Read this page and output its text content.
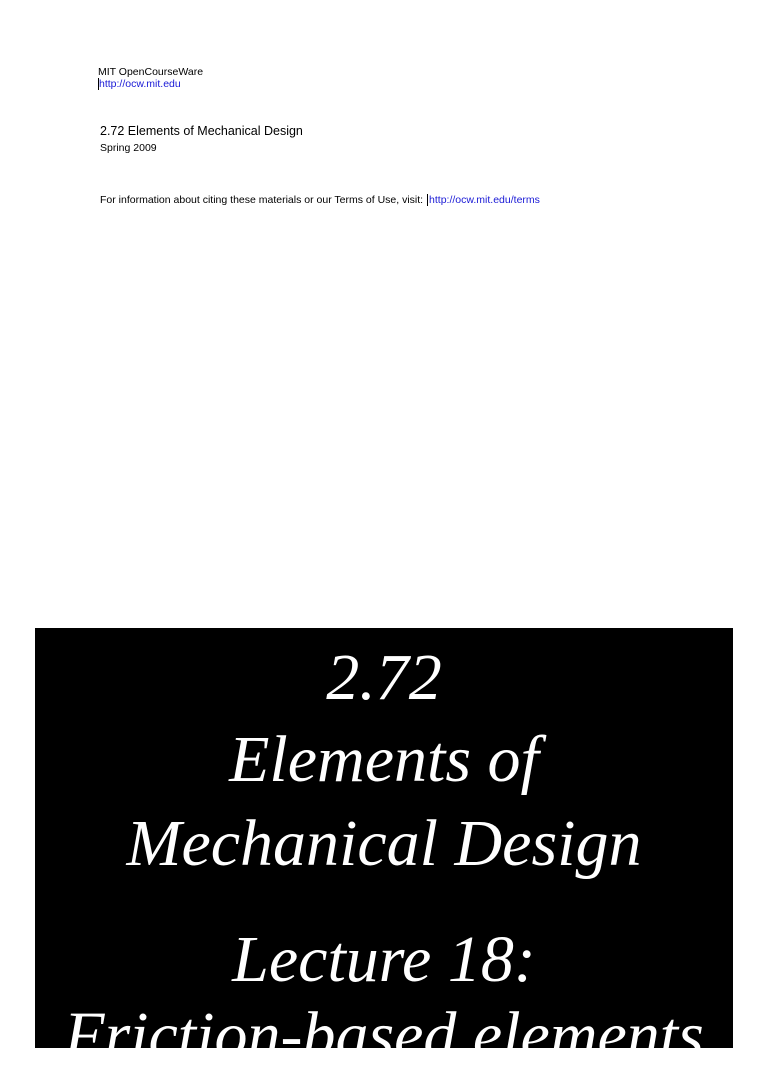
MIT OpenCourseWare
http://ocw.mit.edu
2.72 Elements of Mechanical Design
Spring 2009
For information about citing these materials or our Terms of Use, visit: http://ocw.mit.edu/terms
2.72
Elements of
Mechanical Design
Lecture 18:
Friction-based elements
